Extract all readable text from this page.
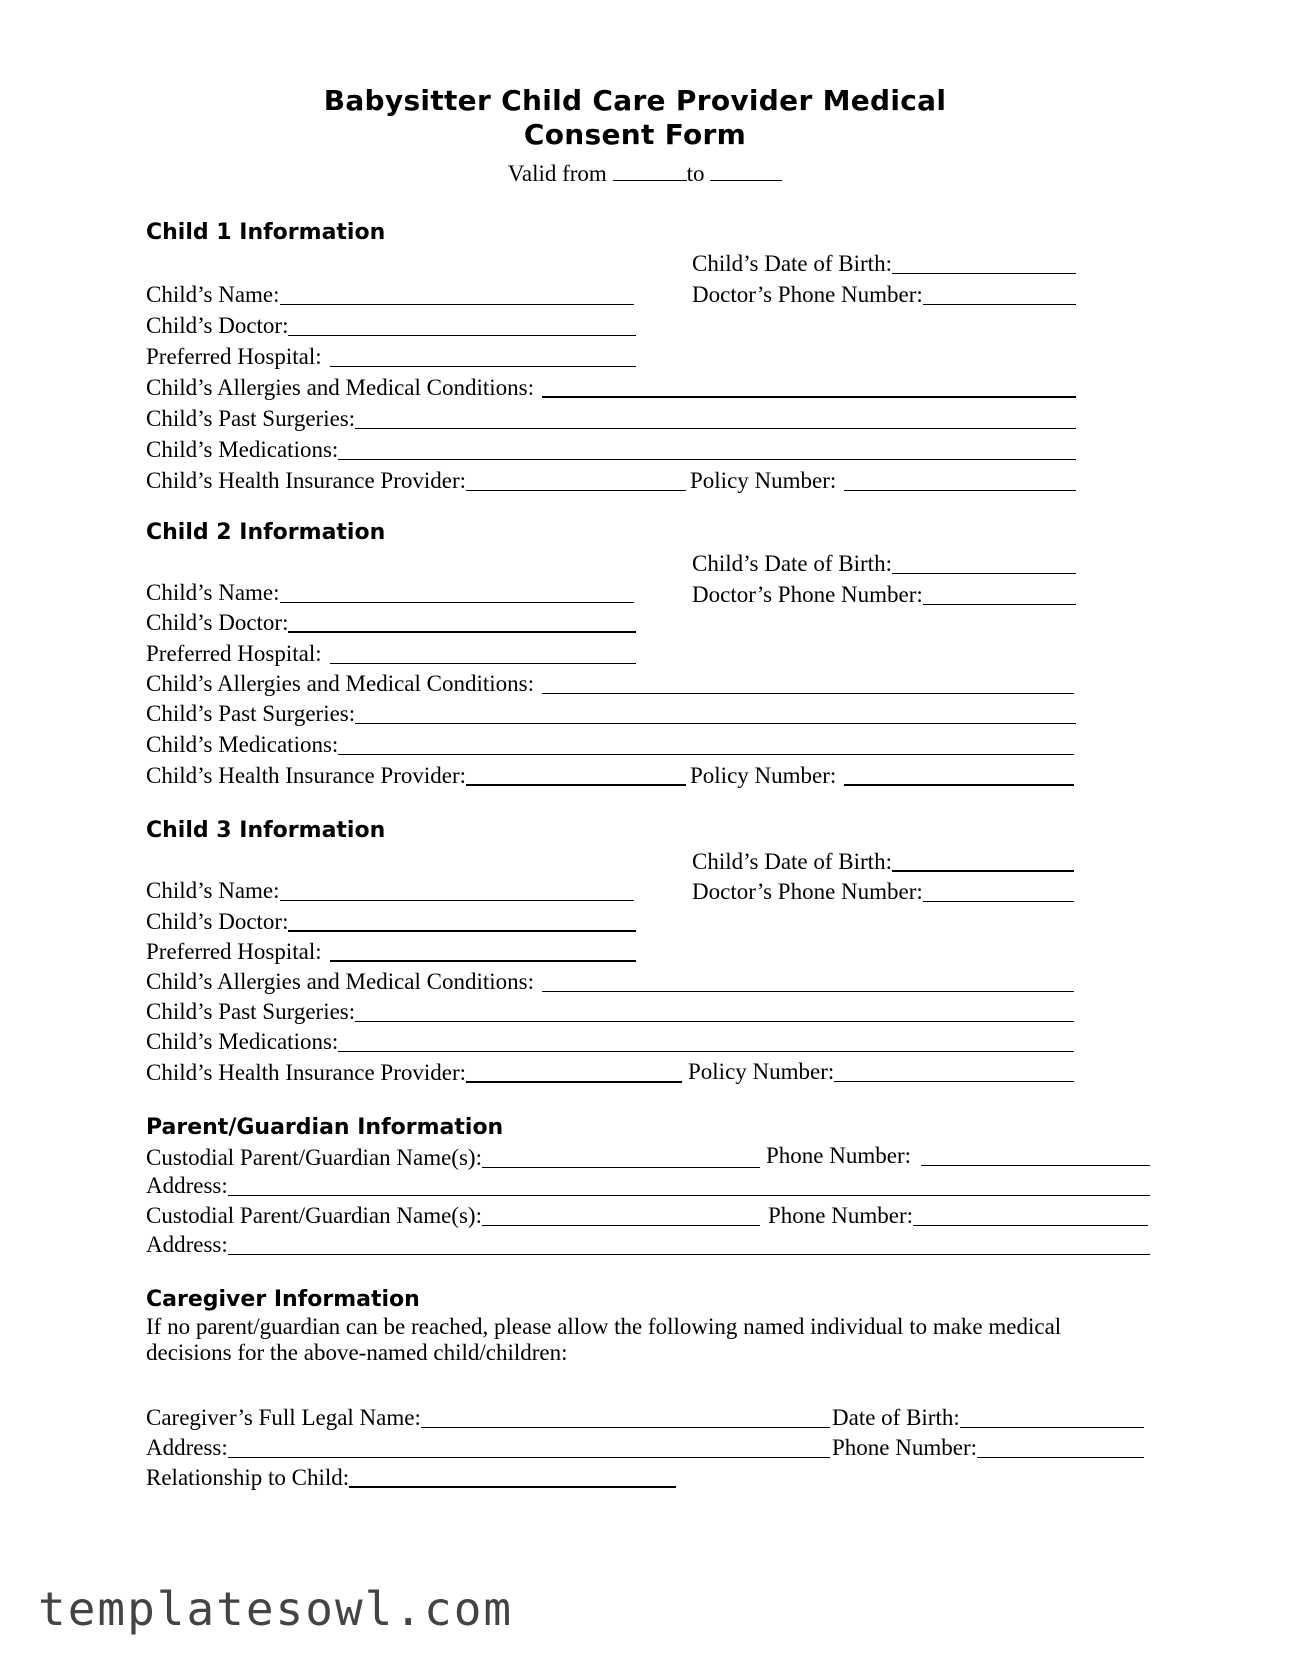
Babysitter Child Care Provider Medical
Consent Form
Valid from	to
Child 1 Information
Child’s Date of Birth:
Child’s Name:	Doctor’s Phone Number:
Child’s Doctor:
Preferred Hospital:
Child’s Allergies and Medical Conditions:
Child’s Past Surgeries:
Child’s Medications:
Child’s Health Insurance Provider:	Policy Number:
Child 2 Information
Child’s Date of Birth:
Child’s Name:	Doctor’s Phone Number:
Child’s Doctor:
Preferred Hospital:
Child’s Allergies and Medical Conditions:
Child’s Past Surgeries:
Child’s Medications:
Child’s Health Insurance Provider:	Policy Number:
Child 3 Information
Child’s Date of Birth:
Child’s Name:	Doctor’s Phone Number:
Child’s Doctor:
Preferred Hospital:
Child’s Allergies and Medical Conditions:
Child’s Past Surgeries:
Child’s Medications:
Child’s Health Insurance Provider:	Policy Number:
Parent/Guardian Information
Custodial Parent/Guardian Name(s):	Phone Number:
Address:
Custodial Parent/Guardian Name(s):	Phone Number:
Address:
Caregiver Information
If no parent/guardian can be reached, please allow the following named individual to make medical decisions for the above-named child/children:
Caregiver’s Full Legal Name:	Date of Birth:
Address:	Phone Number:
Relationship to Child:
templatesowl.com
